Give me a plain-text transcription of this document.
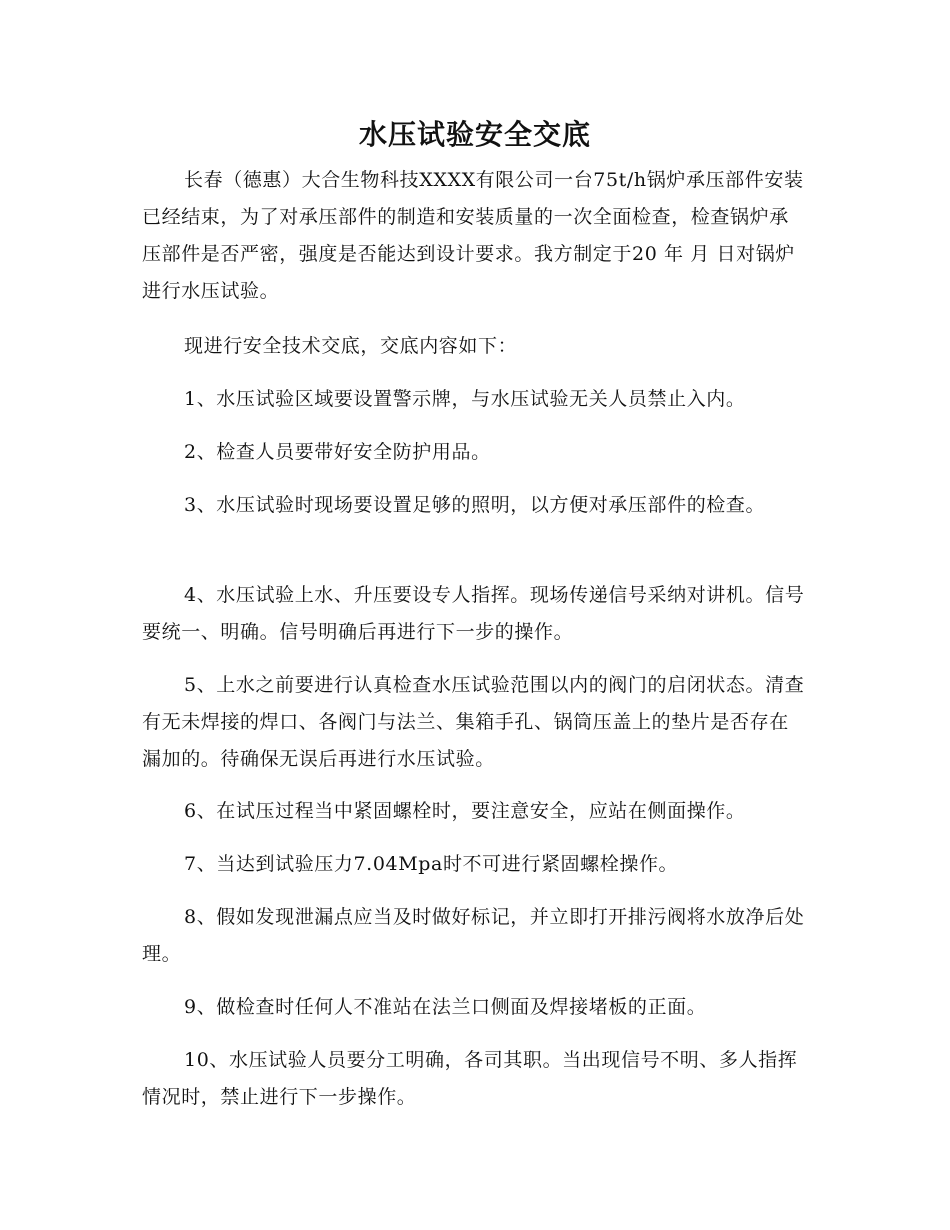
水压试验安全交底
长春（德惠）大合生物科技XXXX有限公司一台75t/h锅炉承压部件安装已经结束，为了对承压部件的制造和安装质量的一次全面检查，检查锅炉承压部件是否严密，强度是否能达到设计要求。我方制定于20 年 月 日对锅炉进行水压试验。
现进行安全技术交底，交底内容如下：
1、水压试验区域要设置警示牌，与水压试验无关人员禁止入内。
2、检查人员要带好安全防护用品。
3、水压试验时现场要设置足够的照明，以方便对承压部件的检查。
4、水压试验上水、升压要设专人指挥。现场传递信号采纳对讲机。信号要统一、明确。信号明确后再进行下一步的操作。
5、上水之前要进行认真检查水压试验范围以内的阀门的启闭状态。清查有无未焊接的焊口、各阀门与法兰、集箱手孔、锅筒压盖上的垫片是否存在漏加的。待确保无误后再进行水压试验。
6、在试压过程当中紧固螺栓时，要注意安全，应站在侧面操作。
7、当达到试验压力7.04Mpa时不可进行紧固螺栓操作。
8、假如发现泄漏点应当及时做好标记，并立即打开排污阀将水放净后处理。
9、做检查时任何人不准站在法兰口侧面及焊接堵板的正面。
10、水压试验人员要分工明确，各司其职。当出现信号不明、多人指挥情况时，禁止进行下一步操作。
